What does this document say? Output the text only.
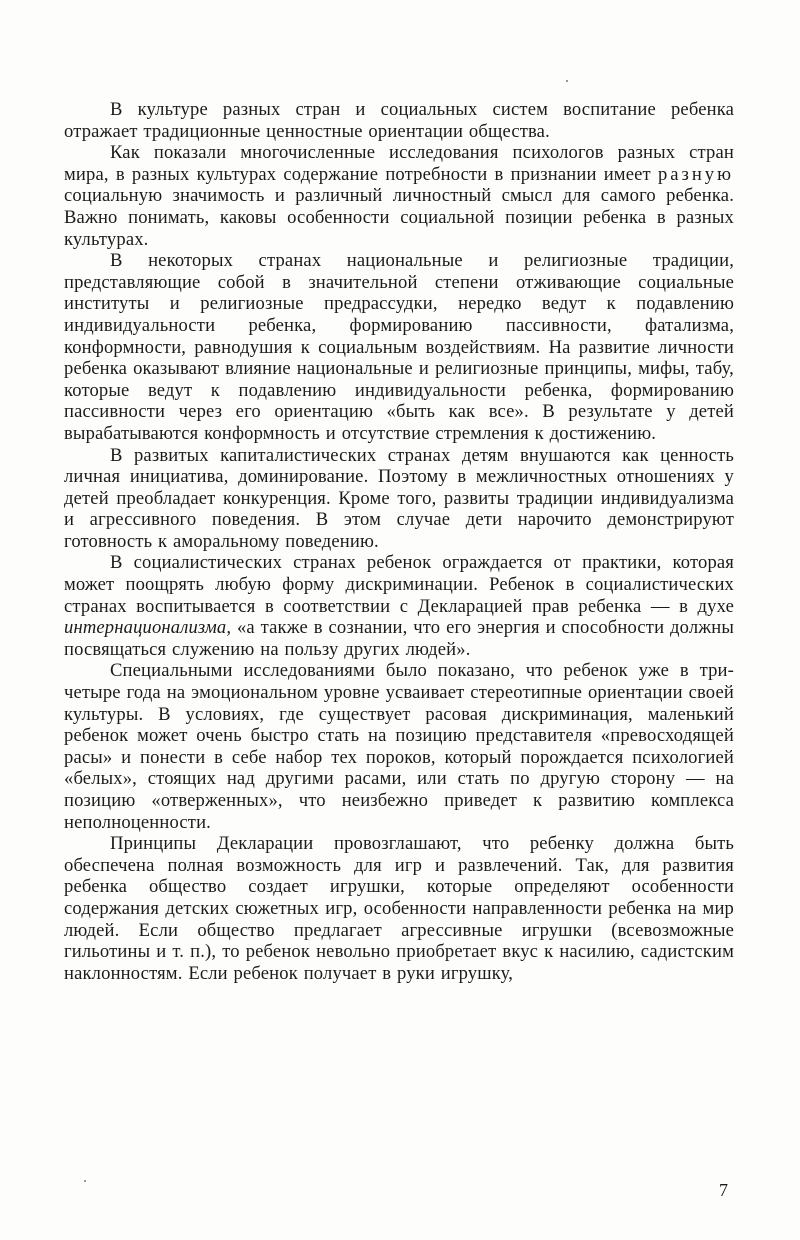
В культуре разных стран и социальных систем воспитание ребенка отражает традиционные ценностные ориентации общества.

Как показали многочисленные исследования психологов разных стран мира, в разных культурах содержание потребности в признании имеет разную социальную значимость и различный личностный смысл для самого ребенка. Важно понимать, каковы особенности социальной позиции ребенка в разных культурах.

В некоторых странах национальные и религиозные традиции, представляющие собой в значительной степени отживающие социальные институты и религиозные предрассудки, нередко ведут к подавлению индивидуальности ребенка, формированию пассивности, фатализма, конформности, равнодушия к социальным воздействиям. На развитие личности ребенка оказывают влияние национальные и религиозные принципы, мифы, табу, которые ведут к подавлению индивидуальности ребенка, формированию пассивности через его ориентацию «быть как все». В результате у детей вырабатываются конформность и отсутствие стремления к достижению.

В развитых капиталистических странах детям внушаются как ценность личная инициатива, доминирование. Поэтому в межличностных отношениях у детей преобладает конкуренция. Кроме того, развиты традиции индивидуализма и агрессивного поведения. В этом случае дети нарочито демонстрируют готовность к аморальному поведению.

В социалистических странах ребенок ограждается от практики, которая может поощрять любую форму дискриминации. Ребенок в социалистических странах воспитывается в соответствии с Декларацией прав ребенка — в духе интернационализма, «а также в сознании, что его энергия и способности должны посвящаться служению на пользу других людей».

Специальными исследованиями было показано, что ребенок уже в три-четыре года на эмоциональном уровне усваивает стереотипные ориентации своей культуры. В условиях, где существует расовая дискриминация, маленький ребенок может очень быстро стать на позицию представителя «превосходящей расы» и понести в себе набор тех пороков, который порождается психологией «белых», стоящих над другими расами, или стать по другую сторону — на позицию «отверженных», что неизбежно приведет к развитию комплекса неполноценности.

Принципы Декларации провозглашают, что ребенку должна быть обеспечена полная возможность для игр и развлечений. Так, для развития ребенка общество создает игрушки, которые определяют особенности содержания детских сюжетных игр, особенности направленности ребенка на мир людей. Если общество предлагает агрессивные игрушки (всевозможные гильотины и т. п.), то ребенок невольно приобретает вкус к насилию, садистским наклонностям. Если ребенок получает в руки игрушку,

7
